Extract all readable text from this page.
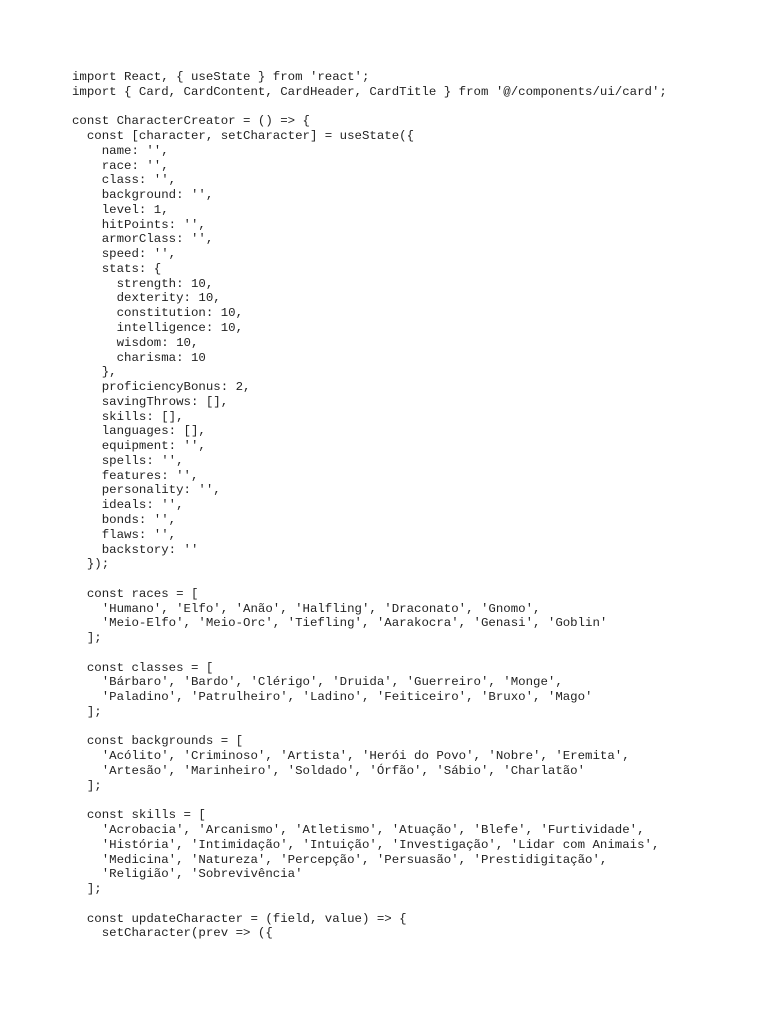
import React, { useState } from 'react';
import { Card, CardContent, CardHeader, CardTitle } from '@/components/ui/card';
const CharacterCreator = () => {
const [character, setCharacter] = useState({
name: '',
race: '',
class: '',
background: '',
level: 1,
hitPoints: '',
armorClass: '',
speed: '',
stats: {
strength: 10,
dexterity: 10,
constitution: 10,
intelligence: 10,
wisdom: 10,
charisma: 10
},
proficiencyBonus: 2,
savingThrows: [],
skills: [],
languages: [],
equipment: '',
spells: '',
features: '',
personality: '',
ideals: '',
bonds: '',
flaws: '',
backstory: ''
});
const races = [
'Humano', 'Elfo', 'Anão', 'Halfling', 'Draconato', 'Gnomo',
'Meio-Elfo', 'Meio-Orc', 'Tiefling', 'Aarakocra', 'Genasi', 'Goblin'
];
const classes = [
'Bárbaro', 'Bardo', 'Clérigo', 'Druida', 'Guerreiro', 'Monge',
'Paladino', 'Patrulheiro', 'Ladino', 'Feiticeiro', 'Bruxo', 'Mago'
];
const backgrounds = [
'Acólito', 'Criminoso', 'Artista', 'Herói do Povo', 'Nobre', 'Eremita',
'Artesão', 'Marinheiro', 'Soldado', 'Órfão', 'Sábio', 'Charlatão'
];
const skills = [
'Acrobacia', 'Arcanismo', 'Atletismo', 'Atuação', 'Blefe', 'Furtividade',
'História', 'Intimidação', 'Intuição', 'Investigação', 'Lidar com Animais',
'Medicina', 'Natureza', 'Percepção', 'Persuasão', 'Prestidigitação',
'Religião', 'Sobrevivência'
];
const updateCharacter = (field, value) => {
setCharacter(prev => ({
